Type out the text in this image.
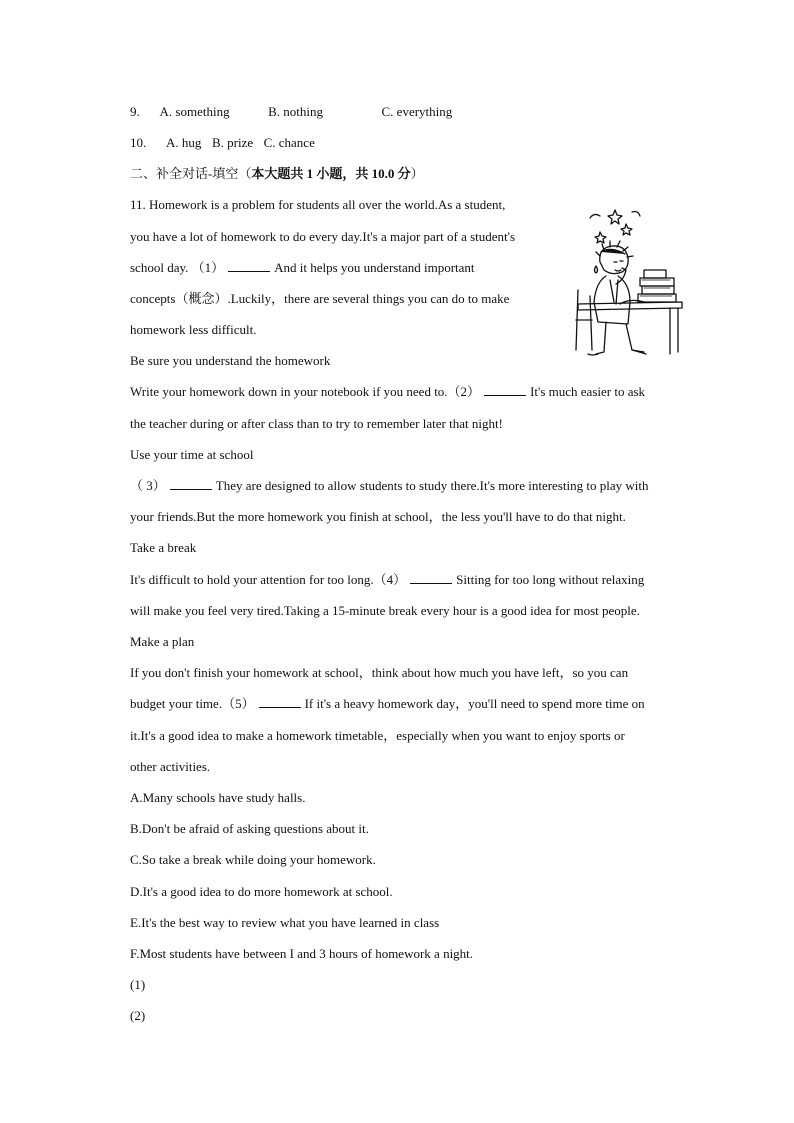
9. A. something	B. nothing	C. everything
10. A. hug B. prize C. chance
二、补全对话-填空（本大题共 1 小题，共 10.0 分）
11. Homework is a problem for students all over the world.As a student,
you have a lot of homework to do every day.It's a major part of a student's
school day. （1）	And it helps you understand important
concepts（概念）.Luckily，there are several things you can do to make
homework less difficult.
Be sure you understand the homework
Write your homework down in your notebook if you need to.（2）	It's much easier to ask
the teacher during or after class than to try to remember later that night!
Use your time at school
（ 3）	They are designed to allow students to study there.It's more interesting to play with
your friends.But the more homework you finish at school，the less you'll have to do that night.
Take a break
It's difficult to hold your attention for too long.（4）	Sitting for too long without relaxing
will make you feel very tired.Taking a 15-minute break every hour is a good idea for most people.
Make a plan
If you don't finish your homework at school，think about how much you have left，so you can
budget your time.（5）	If it's a heavy homework day，you'll need to spend more time on
it.It's a good idea to make a homework timetable，especially when you want to enjoy sports or
other activities.
A.Many schools have study halls.
B.Don't be afraid of asking questions about it.
C.So take a break while doing your homework.
D.It's a good idea to do more homework at school.
E.It's the best way to review what you have learned in class
F.Most students have between I and 3 hours of homework a night.
(1)
(2)
